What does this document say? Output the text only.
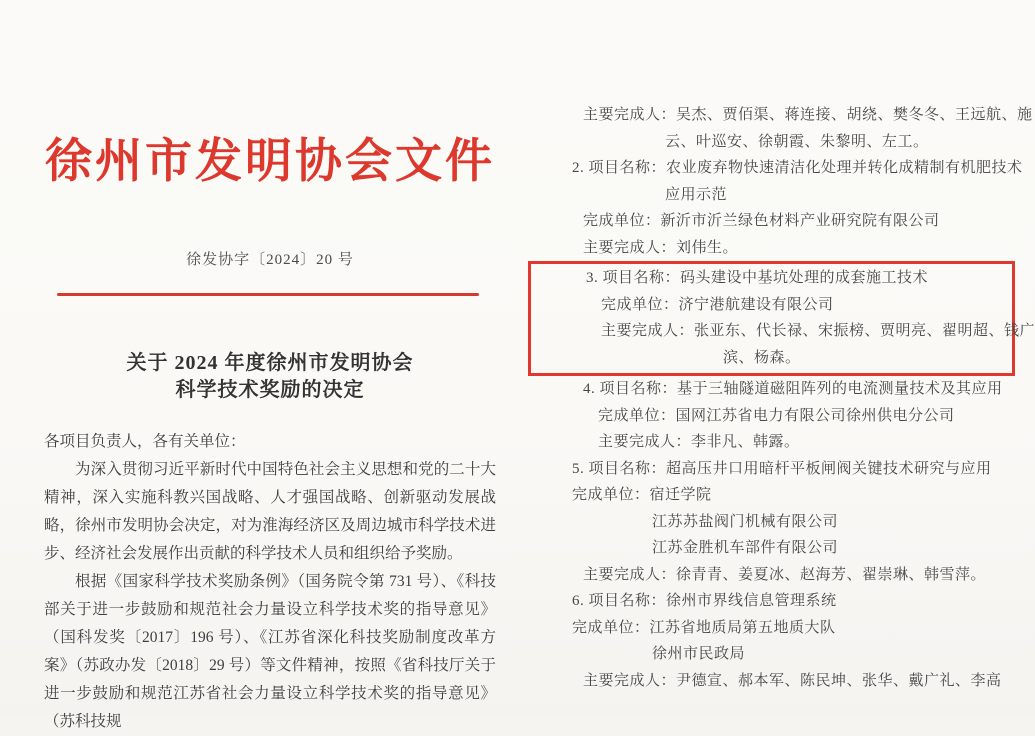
徐州市发明协会文件
徐发协字〔2024〕20 号
关于 2024 年度徐州市发明协会
科学技术奖励的决定

各项目负责人，各有关单位：

为深入贯彻习近平新时代中国特色社会主义思想和党的二十大精神，深入实施科教兴国战略、人才强国战略、创新驱动发展战略，徐州市发明协会决定，对为淮海经济区及周边城市科学技术进步、经济社会发展作出贡献的科学技术人员和组织给予奖励。

根据《国家科学技术奖励条例》（国务院令第 731 号）、《科技部关于进一步鼓励和规范社会力量设立科学技术奖的指导意见》（国科发奖〔2017〕196 号）、《江苏省深化科技奖励制度改革方案》（苏政办发〔2018〕29 号）等文件精神，按照《省科技厅关于进一步鼓励和规范江苏省社会力量设立科学技术奖的指导意见》（苏科技规

主要完成人：吴杰、贾佰渠、蒋连接、胡绕、樊冬冬、王远航、施
云、叶巡安、徐朝霞、朱黎明、左工。
2. 项目名称：农业废弃物快速清洁化处理并转化成精制有机肥技术
应用示范
完成单位：新沂市沂兰绿色材料产业研究院有限公司
主要完成人：刘伟生。
3. 项目名称：码头建设中基坑处理的成套施工技术
完成单位：济宁港航建设有限公司
主要完成人：张亚东、代长禄、宋振榜、贾明亮、翟明超、钱广
滨、杨森。
4. 项目名称：基于三轴隧道磁阻阵列的电流测量技术及其应用
完成单位：国网江苏省电力有限公司徐州供电分公司
主要完成人：李非凡、韩露。
5. 项目名称：超高压井口用暗杆平板闸阀关键技术研究与应用
完成单位：宿迁学院
江苏苏盐阀门机械有限公司
江苏金胜机车部件有限公司
主要完成人：徐青青、姜夏冰、赵海芳、翟崇琳、韩雪萍。
6. 项目名称：徐州市界线信息管理系统
完成单位：江苏省地质局第五地质大队
徐州市民政局
主要完成人：尹德宣、郝本军、陈民坤、张华、戴广礼、李高
